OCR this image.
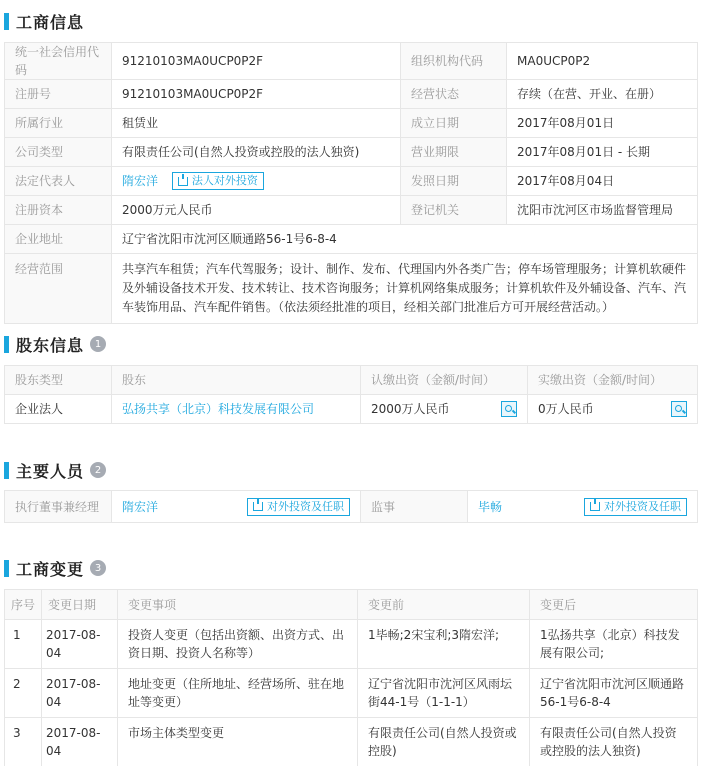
工商信息
统一社会信用代码	91210103MA0UCP0P2F	组织机构代码	MA0UCP0P2
注册号	91210103MA0UCP0P2F	经营状态	存续（在营、开业、在册）
所属行业	租赁业	成立日期	2017年08月01日
公司类型	有限责任公司(自然人投资或控股的法人独资)	营业期限	2017年08月01日 - 长期
法定代表人	隋宏洋 法人对外投资	发照日期	2017年08月04日
注册资本	2000万元人民币	登记机关	沈阳市沈河区市场监督管理局
企业地址	辽宁省沈阳市沈河区顺通路56-1号6-8-4		
经营范围	共享汽车租赁；汽车代驾服务；设计、制作、发布、代理国内外各类广告；停车场管理服务；计算机软硬件及外辅设备技术开发、技术转让、技术咨询服务；计算机网络集成服务；计算机软件及外辅设备、汽车、汽车装饰用品、汽车配件销售。（依法须经批准的项目，经相关部门批准后方可开展经营活动。）		
股东信息	1
股东类型	股东	认缴出资（金额/时间）	实缴出资（金额/时间）
企业法人	弘扬共享（北京）科技发展有限公司	2000万人民币	0万人民币
主要人员	2
执行董事兼经理	隋宏洋	对外投资及任职	监事	毕畅	对外投资及任职
工商变更	3
序号	变更日期	变更事项	变更前	变更后
1	2017-08-04	投资人变更（包括出资额、出资方式、出资日期、投资人名称等）	1毕畅;2宋宝利;3隋宏洋;	1弘扬共享（北京）科技发展有限公司;
2	2017-08-04	地址变更（住所地址、经营场所、驻在地址等变更）	辽宁省沈阳市沈河区风雨坛街44-1号（1-1-1）	辽宁省沈阳市沈河区顺通路56-1号6-8-4
3	2017-08-04	市场主体类型变更	有限责任公司(自然人投资或控股)	有限责任公司(自然人投资或控股的法人独资)
